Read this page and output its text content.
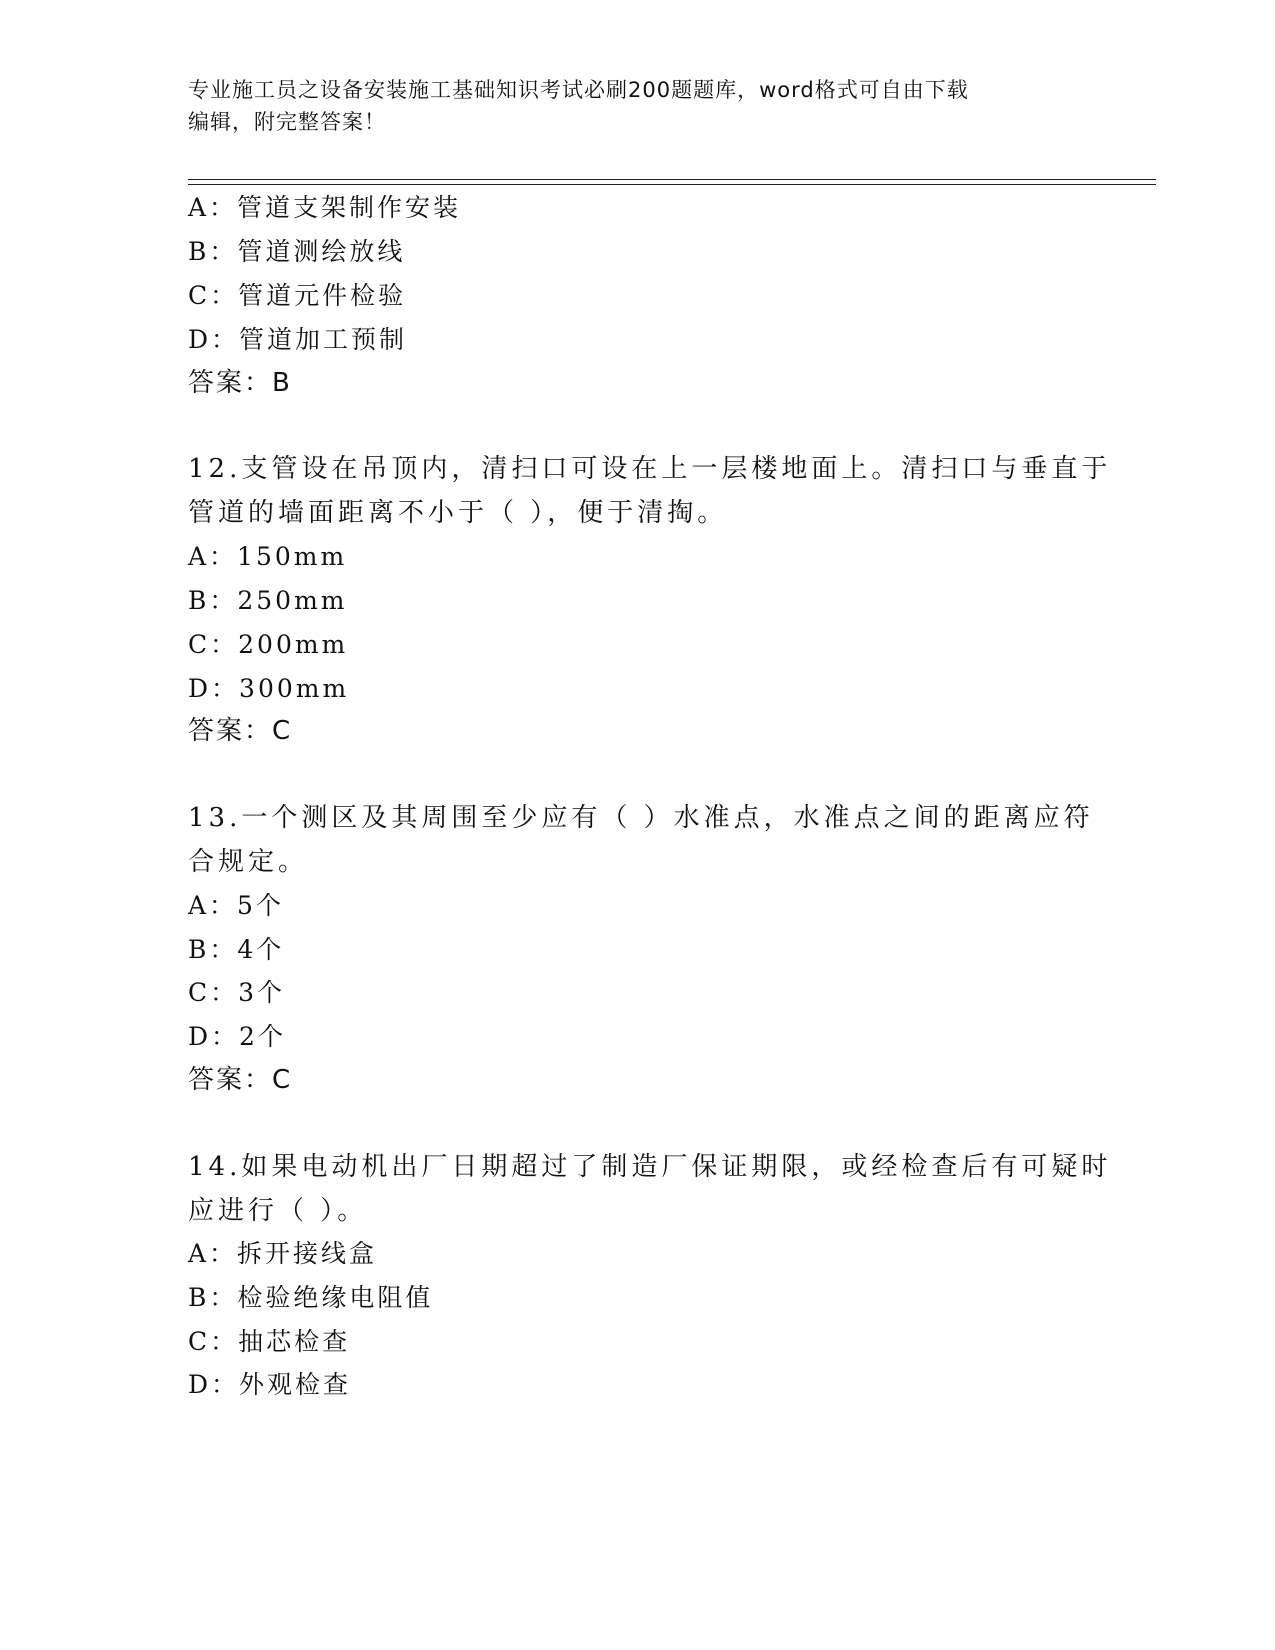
专业施工员之设备安装施工基础知识考试必刷200题题库，word格式可自由下载
编辑，附完整答案！
A：管道支架制作安装
B：管道测绘放线
C：管道元件检验
D：管道加工预制
答案：B
12.支管设在吊顶内，清扫口可设在上一层楼地面上。清扫口与垂直于
管道的墙面距离不小于（ ），便于清掏。
A：150mm
B：250mm
C：200mm
D：300mm
答案：C
13.一个测区及其周围至少应有（ ）水准点，水准点之间的距离应符
合规定。
A：5个
B：4个
C：3个
D：2个
答案：C
14.如果电动机出厂日期超过了制造厂保证期限，或经检查后有可疑时
应进行（ ）。
A：拆开接线盒
B：检验绝缘电阻值
C：抽芯检查
D：外观检查
